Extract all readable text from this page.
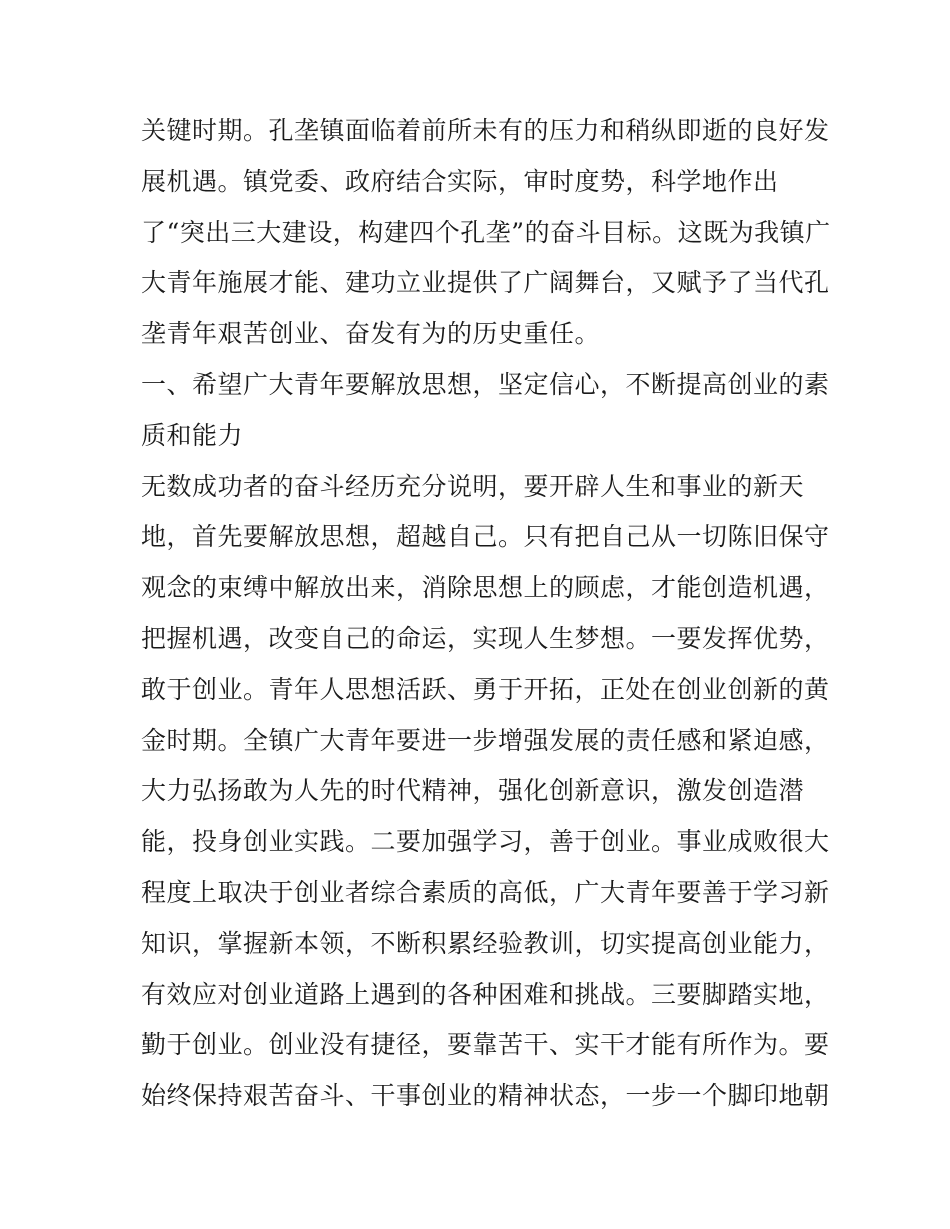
关键时期。孔垄镇面临着前所未有的压力和稍纵即逝的良好发
展机遇。镇党委、政府结合实际，审时度势，科学地作出
了“突出三大建设，构建四个孔垄”的奋斗目标。这既为我镇广
大青年施展才能、建功立业提供了广阔舞台，又赋予了当代孔
垄青年艰苦创业、奋发有为的历史重任。
一、希望广大青年要解放思想，坚定信心，不断提高创业的素
质和能力
无数成功者的奋斗经历充分说明，要开辟人生和事业的新天
地，首先要解放思想，超越自己。只有把自己从一切陈旧保守
观念的束缚中解放出来，消除思想上的顾虑，才能创造机遇，
把握机遇，改变自己的命运，实现人生梦想。一要发挥优势，
敢于创业。青年人思想活跃、勇于开拓，正处在创业创新的黄
金时期。全镇广大青年要进一步增强发展的责任感和紧迫感，
大力弘扬敢为人先的时代精神，强化创新意识，激发创造潜
能，投身创业实践。二要加强学习，善于创业。事业成败很大
程度上取决于创业者综合素质的高低，广大青年要善于学习新
知识，掌握新本领，不断积累经验教训，切实提高创业能力，
有效应对创业道路上遇到的各种困难和挑战。三要脚踏实地，
勤于创业。创业没有捷径，要靠苦干、实干才能有所作为。要
始终保持艰苦奋斗、干事创业的精神状态，一步一个脚印地朝
